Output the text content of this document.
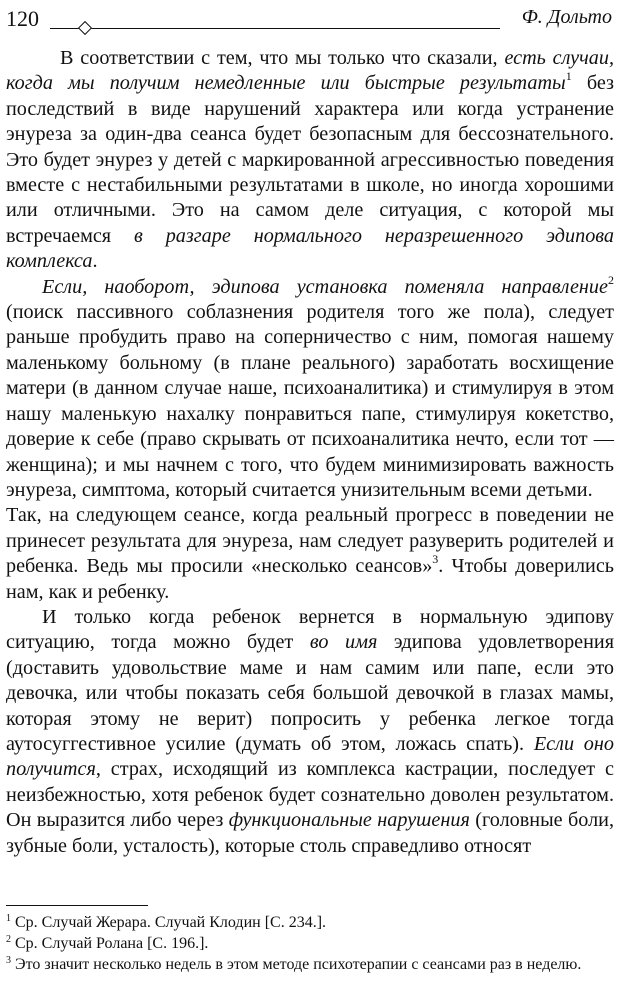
120	Ф. Дольто

В соответствии с тем, что мы только что сказали, есть случаи, когда мы получим немедленные или быстрые результаты$^1$ без последствий в виде нарушений характера или когда устранение энуреза за один-два сеанса будет безопасным для бессознательного. Это будет энурез у детей с маркированной агрессивностью поведения вместе с нестабильными результатами в школе, но иногда хорошими или отличными. Это на самом деле ситуация, с которой мы встречаемся в разгаре нормального неразрешенного эдипова комплекса.

Если, наоборот, эдипова установка поменяла направление$^2$ (поиск пассивного соблазнения родителя того же пола), следует раньше пробудить право на соперничество с ним, помогая нашему маленькому больному (в плане реального) заработать восхищение матери (в данном случае наше, психоаналитика) и стимулируя в этом нашу маленькую нахалку понравиться папе, стимулируя кокетство, доверие к себе (право скрывать от психоаналитика нечто, если тот — женщина); и мы начнем с того, что будем минимизировать важность энуреза, симптома, который считается унизительным всеми детьми.

Так, на следующем сеансе, когда реальный прогресс в поведении не принесет результата для энуреза, нам следует разуверить родителей и ребенка. Ведь мы просили «несколько сеансов»$^3$. Чтобы доверились нам, как и ребенку.

И только когда ребенок вернется в нормальную эдипову ситуацию, тогда можно будет во имя эдипова удовлетворения (доставить удовольствие маме и нам самим или папе, если это девочка, или чтобы показать себя большой девочкой в глазах мамы, которая этому не верит) попросить у ребенка легкое тогда аутосуггестивное усилие (думать об этом, ложась спать). Если оно получится, страх, исходящий из комплекса кастрации, последует с неизбежностью, хотя ребенок будет сознательно доволен результатом. Он выразится либо через функциональные нарушения (головные боли, зубные боли, усталость), которые столь справедливо относят

$^1$ Ср. Случай Жерара. Случай Клодин [С. 234.].

$^2$ Ср. Случай Ролана [С. 196.].

$^3$ Это значит несколько недель в этом методе психотерапии с сеансами раз в неделю.
